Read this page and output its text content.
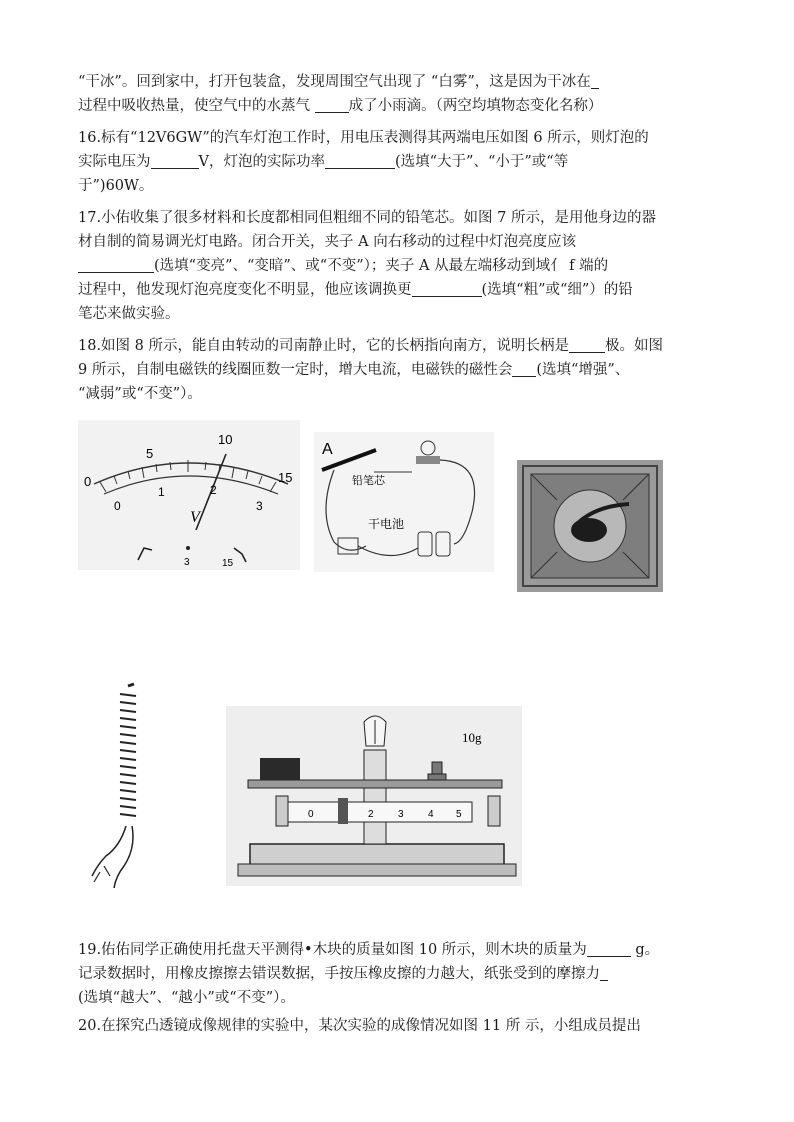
“干冰”。回到家中，打开包装盒，发现周围空气出现了 “白雾”，这是因为干冰在
过程中吸收热量，使空气中的水蒸气 成了小雨滴。（两空均填物态变化名称）
16.标有“12V6GW”的汽车灯泡工作时，用电压表测得其两端电压如图 6 所示，则灯泡的
实际电压为	V，灯泡的实际功率	(选填“大于”、“小于”或“等
于”)60W。
17.小佑收集了很多材料和长度都相同但粗细不同的铅笔芯。如图 7 所示，是用他身边的器
材自制的简易调光灯电路。闭合开关，夹子 A 向右移动的过程中灯泡亮度应该
(选填“变亮”、“变暗”、或“不变”）；夹子 A 从最左端移动到域亻 f 端的
过程中，他发现灯泡亮度变化不明显，他应该调换更	(选填“粗”或“细”）的铅
笔芯来做实验。
18.如图 8 所示，能自由转动的司南静止时，它的长柄指向南方，说明长柄是 极。如图
9 所示，自制电磁铁的线圈匝数一定时，增大电流，电磁铁的磁性会 (选填“增强”、
“减弱”或“不变”）。
0
5
10
15
0
1	2
3
V
3	15
A
铅笔芯
干电池
10g
0	2 3 4 5
19.佑佑同学正确使用托盘天平测得•木块的质量如图 10 所示，则木块的质量为	g。
记录数据时，用橡皮擦擦去错误数据，手按压橡皮擦的力越大，纸张受到的摩擦力
(选填“越大”、“越小”或“不变”）。
20.在探究凸透镜成像规律的实验中，某次实验的成像情况如图 11 所 示，小组成员提出
